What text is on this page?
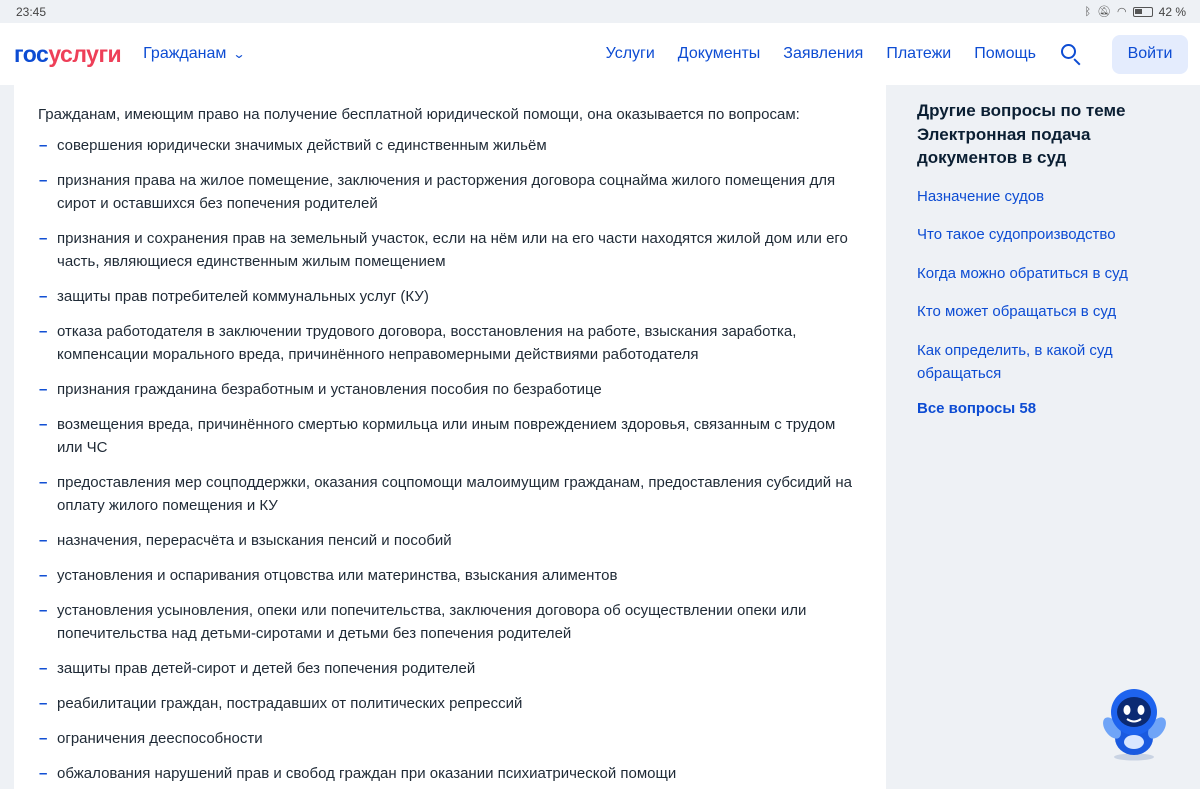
23:45	ᛒ 🔕︎ ◠	42 %
гос услуги Гражданам ⌄	Услуги Документы Заявления Платежи Помощь	Войти

Гражданам, имеющим право на получение бесплатной юридической помощи, она оказывается по вопросам:

– совершения юридически значимых действий с единственным жильём
– признания права на жилое помещение, заключения и расторжения договора соцнайма жилого помещения для сирот и оставшихся без попечения родителей
– признания и сохранения прав на земельный участок, если на нём или на его части находятся жилой дом или его часть, являющиеся единственным жилым помещением
– защиты прав потребителей коммунальных услуг (КУ)
– отказа работодателя в заключении трудового договора, восстановления на работе, взыскания заработка, компенсации морального вреда, причинённого неправомерными действиями работодателя
– признания гражданина безработным и установления пособия по безработице
– возмещения вреда, причинённого смертью кормильца или иным повреждением здоровья, связанным с трудом или ЧС
– предоставления мер соцподдержки, оказания соцпомощи малоимущим гражданам, предоставления субсидий на оплату жилого помещения и КУ
– назначения, перерасчёта и взыскания пенсий и пособий
– установления и оспаривания отцовства или материнства, взыскания алиментов
– установления усыновления, опеки или попечительства, заключения договора об осуществлении опеки или попечительства над детьми-сиротами и детьми без попечения родителей
– защиты прав детей-сирот и детей без попечения родителей
– реабилитации граждан, пострадавших от политических репрессий
– ограничения дееспособности
– обжалования нарушений прав и свобод граждан при оказании психиатрической помощи
Другие вопросы по теме Электронная подача документов в суд
Назначение судов
Что такое судопроизводство
Когда можно обратиться в суд
Кто может обращаться в суд
Как определить, в какой суд обращаться
Все вопросы 58
